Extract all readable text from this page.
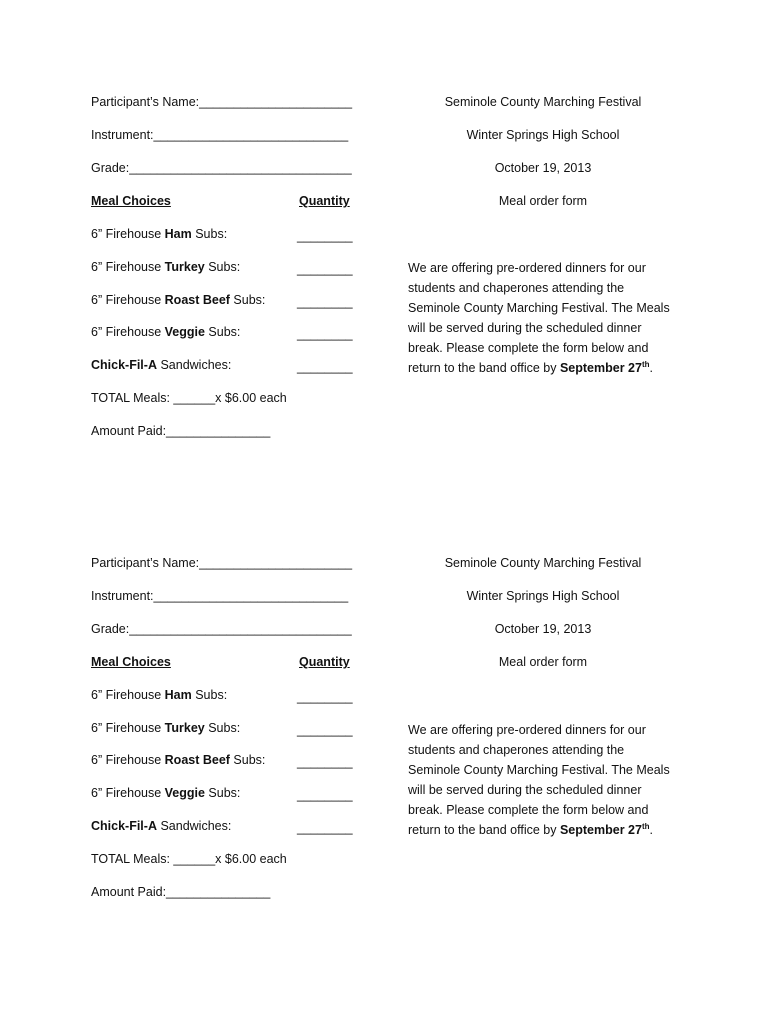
Participant’s Name:______________________
Instrument:____________________________
Grade:________________________________
Meal Choices	Quantity
6” Firehouse Ham Subs:	________
6” Firehouse Turkey Subs:	________
6” Firehouse Roast Beef Subs:	________
6” Firehouse Veggie Subs:	________
Chick-Fil-A Sandwiches:	________
TOTAL Meals: ______x $6.00 each
Amount Paid:_______________
Seminole County Marching Festival
Winter Springs High School
October 19, 2013
Meal order form
We are offering pre-ordered dinners for our
students and chaperones attending the
Seminole County Marching Festival. The Meals
will be served during the scheduled dinner
break. Please complete the form below and
return to the band office by September 27th.
Participant’s Name:______________________
Instrument:____________________________
Grade:________________________________
Meal Choices	Quantity
6” Firehouse Ham Subs:	________
6” Firehouse Turkey Subs:	________
6” Firehouse Roast Beef Subs:	________
6” Firehouse Veggie Subs:	________
Chick-Fil-A Sandwiches:	________
TOTAL Meals: ______x $6.00 each
Amount Paid:_______________
Seminole County Marching Festival
Winter Springs High School
October 19, 2013
Meal order form
We are offering pre-ordered dinners for our
students and chaperones attending the
Seminole County Marching Festival. The Meals
will be served during the scheduled dinner
break. Please complete the form below and
return to the band office by September 27th.
